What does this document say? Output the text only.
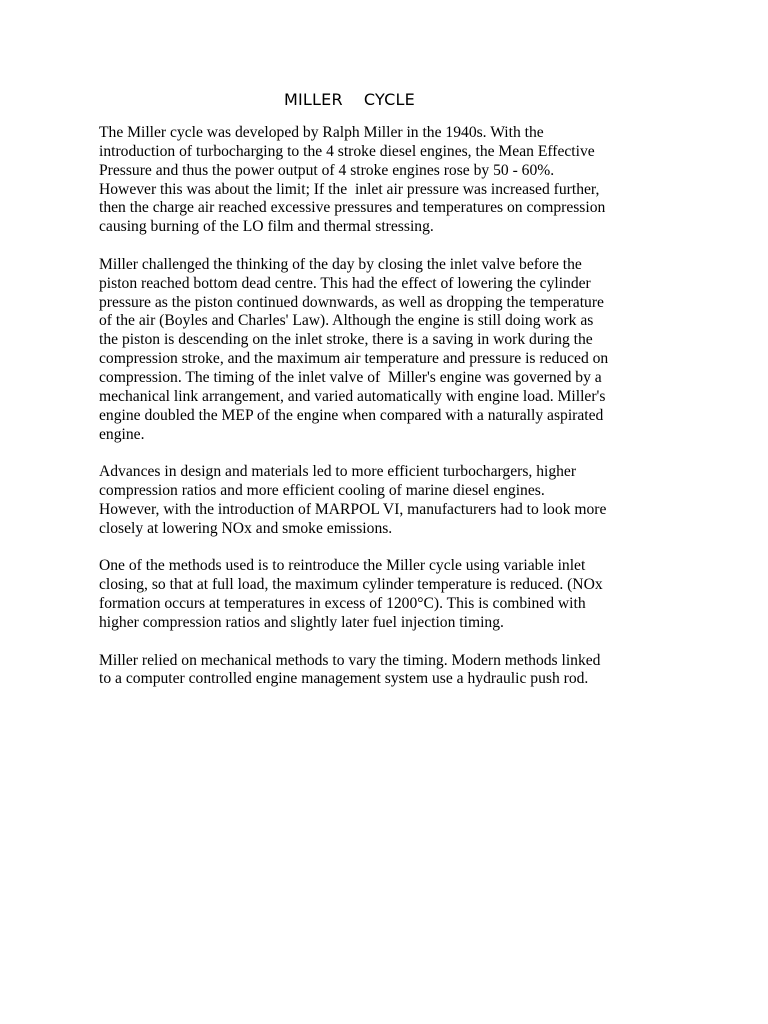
MILLER    CYCLE

The Miller cycle was developed by Ralph Miller in the 1940s. With the
introduction of turbocharging to the 4 stroke diesel engines, the Mean Effective
Pressure and thus the power output of 4 stroke engines rose by 50 - 60%.
However this was about the limit; If the  inlet air pressure was increased further,
then the charge air reached excessive pressures and temperatures on compression
causing burning of the LO film and thermal stressing.

Miller challenged the thinking of the day by closing the inlet valve before the
piston reached bottom dead centre. This had the effect of lowering the cylinder
pressure as the piston continued downwards, as well as dropping the temperature
of the air (Boyles and Charles' Law). Although the engine is still doing work as
the piston is descending on the inlet stroke, there is a saving in work during the
compression stroke, and the maximum air temperature and pressure is reduced on
compression. The timing of the inlet valve of  Miller's engine was governed by a
mechanical link arrangement, and varied automatically with engine load. Miller's
engine doubled the MEP of the engine when compared with a naturally aspirated
engine.

Advances in design and materials led to more efficient turbochargers, higher
compression ratios and more efficient cooling of marine diesel engines.
However, with the introduction of MARPOL VI, manufacturers had to look more
closely at lowering NOx and smoke emissions.

One of the methods used is to reintroduce the Miller cycle using variable inlet
closing, so that at full load, the maximum cylinder temperature is reduced. (NOx
formation occurs at temperatures in excess of 1200°C). This is combined with
higher compression ratios and slightly later fuel injection timing.

Miller relied on mechanical methods to vary the timing. Modern methods linked
to a computer controlled engine management system use a hydraulic push rod.
